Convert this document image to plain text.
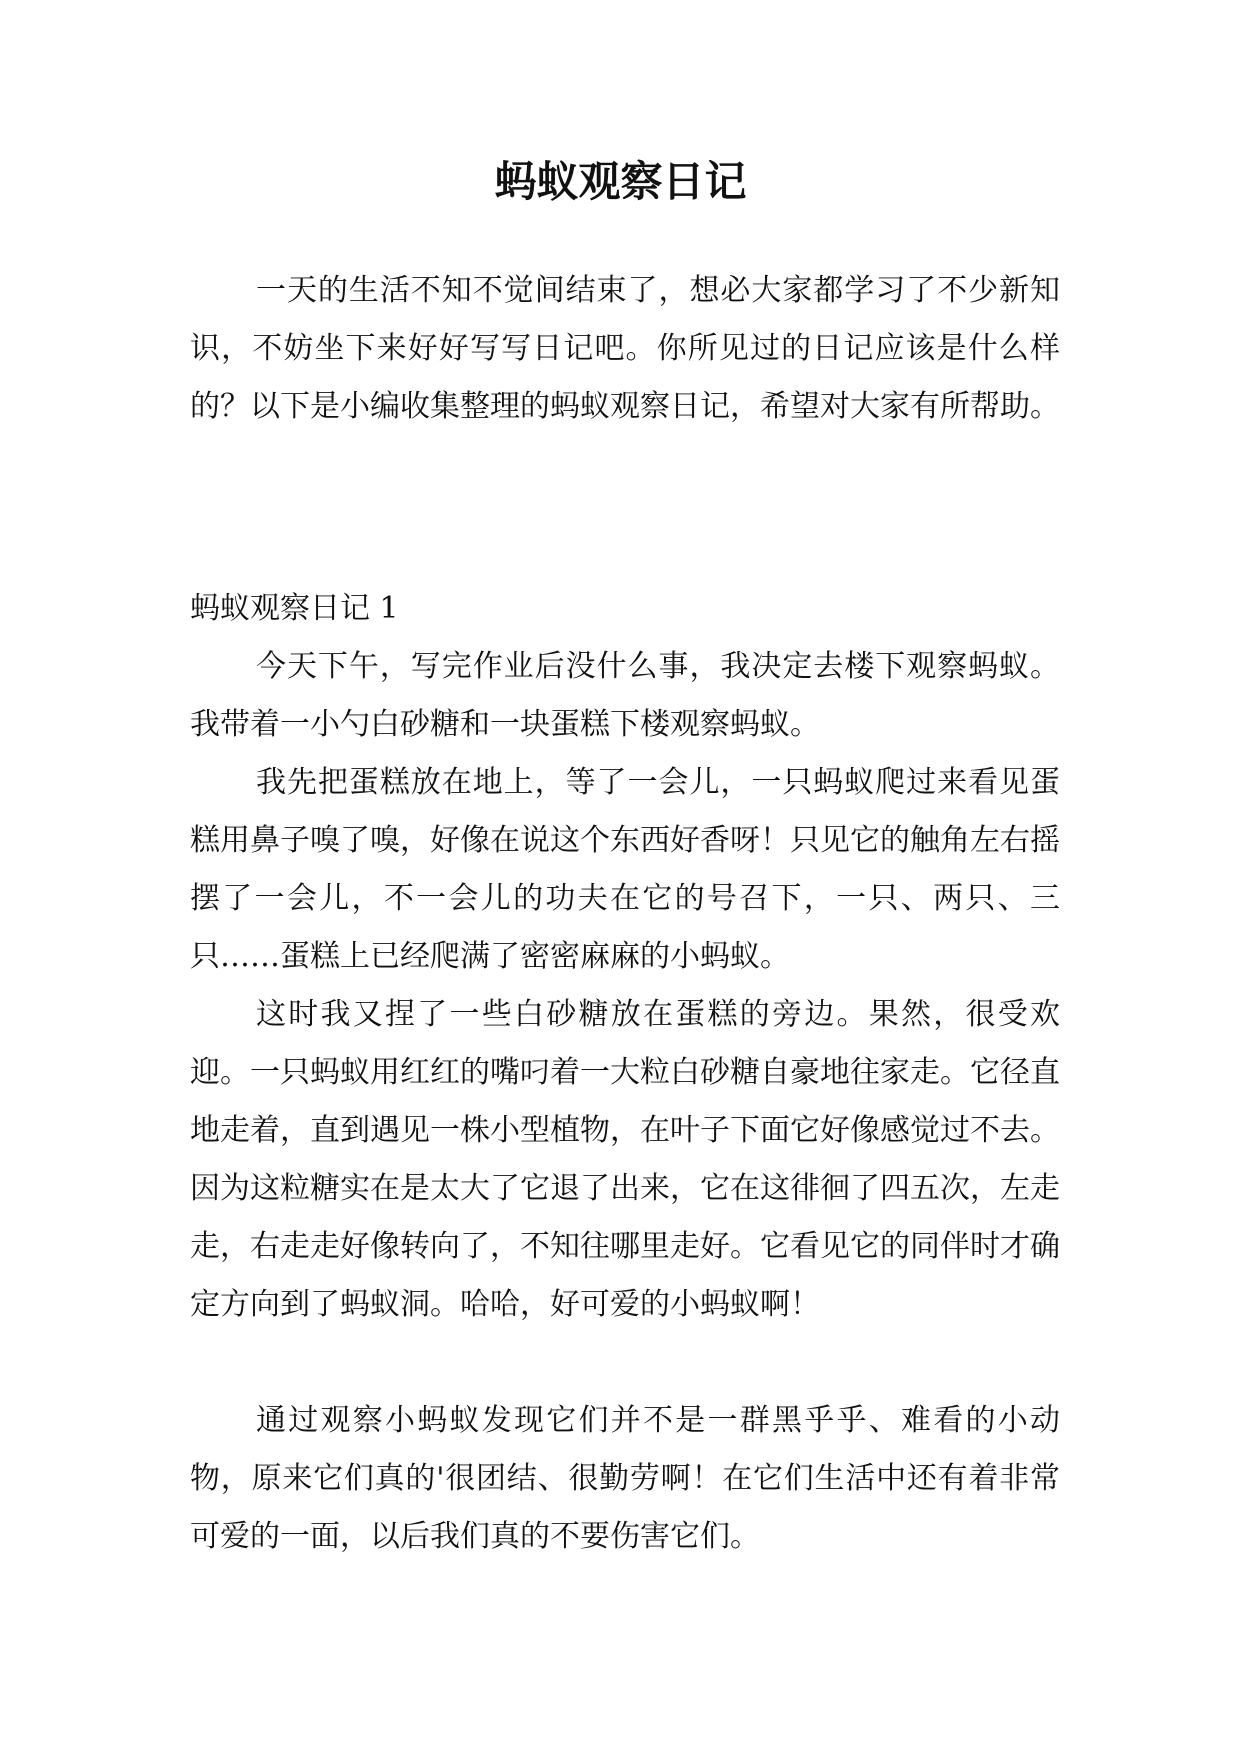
蚂蚁观察日记

一天的生活不知不觉间结束了，想必大家都学习了不少新知识，不妨坐下来好好写写日记吧。你所见过的日记应该是什么样的？以下是小编收集整理的蚂蚁观察日记，希望对大家有所帮助。

蚂蚁观察日记 1

今天下午，写完作业后没什么事，我决定去楼下观察蚂蚁。我带着一小勺白砂糖和一块蛋糕下楼观察蚂蚁。

我先把蛋糕放在地上，等了一会儿，一只蚂蚁爬过来看见蛋糕用鼻子嗅了嗅，好像在说这个东西好香呀！只见它的触角左右摇摆了一会儿，不一会儿的功夫在它的号召下，一只、两只、三只……蛋糕上已经爬满了密密麻麻的小蚂蚁。

这时我又捏了一些白砂糖放在蛋糕的旁边。果然，很受欢迎。一只蚂蚁用红红的嘴叼着一大粒白砂糖自豪地往家走。它径直地走着，直到遇见一株小型植物，在叶子下面它好像感觉过不去。因为这粒糖实在是太大了它退了出来，它在这徘徊了四五次，左走走，右走走好像转向了，不知往哪里走好。它看见它的同伴时才确定方向到了蚂蚁洞。哈哈，好可爱的小蚂蚁啊！

通过观察小蚂蚁发现它们并不是一群黑乎乎、难看的小动物，原来它们真的'很团结、很勤劳啊！在它们生活中还有着非常可爱的一面，以后我们真的不要伤害它们。
